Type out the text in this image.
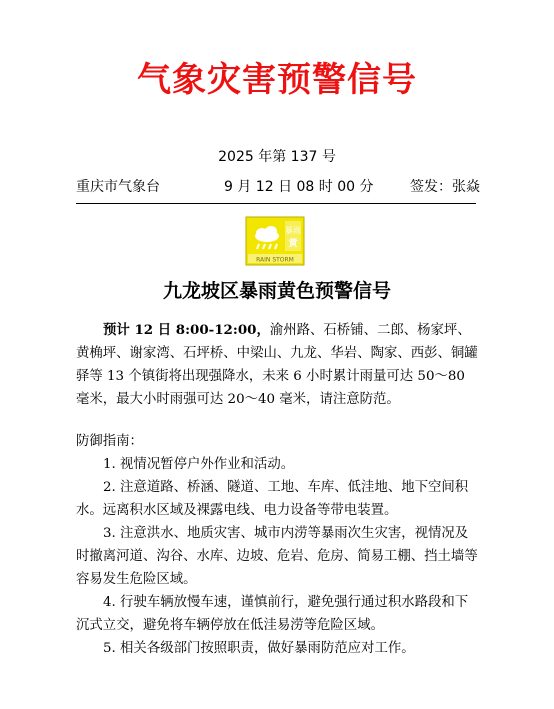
气象灾害预警信号
2025 年第 137 号
重庆市气象台	9 月 12 日 08 时 00 分	签发：张焱
暴雨
黄
RAIN STORM
九龙坡区暴雨黄色预警信号

预计 12 日 8:00-12:00，渝州路、石桥铺、二郎、杨家坪、黄桷坪、谢家湾、石坪桥、中梁山、九龙、华岩、陶家、西彭、铜罐驿等 13 个镇街将出现强降水，未来 6 小时累计雨量可达 50～80 毫米，最大小时雨强可达 20～40 毫米，请注意防范。

防御指南：
1. 视情况暂停户外作业和活动。
2. 注意道路、桥涵、隧道、工地、车库、低洼地、地下空间积水。远离积水区域及裸露电线、电力设备等带电装置。
3. 注意洪水、地质灾害、城市内涝等暴雨次生灾害，视情况及时撤离河道、沟谷、水库、边坡、危岩、危房、简易工棚、挡土墙等容易发生危险区域。
4. 行驶车辆放慢车速，谨慎前行，避免强行通过积水路段和下沉式立交，避免将车辆停放在低洼易涝等危险区域。
5. 相关各级部门按照职责，做好暴雨防范应对工作。
